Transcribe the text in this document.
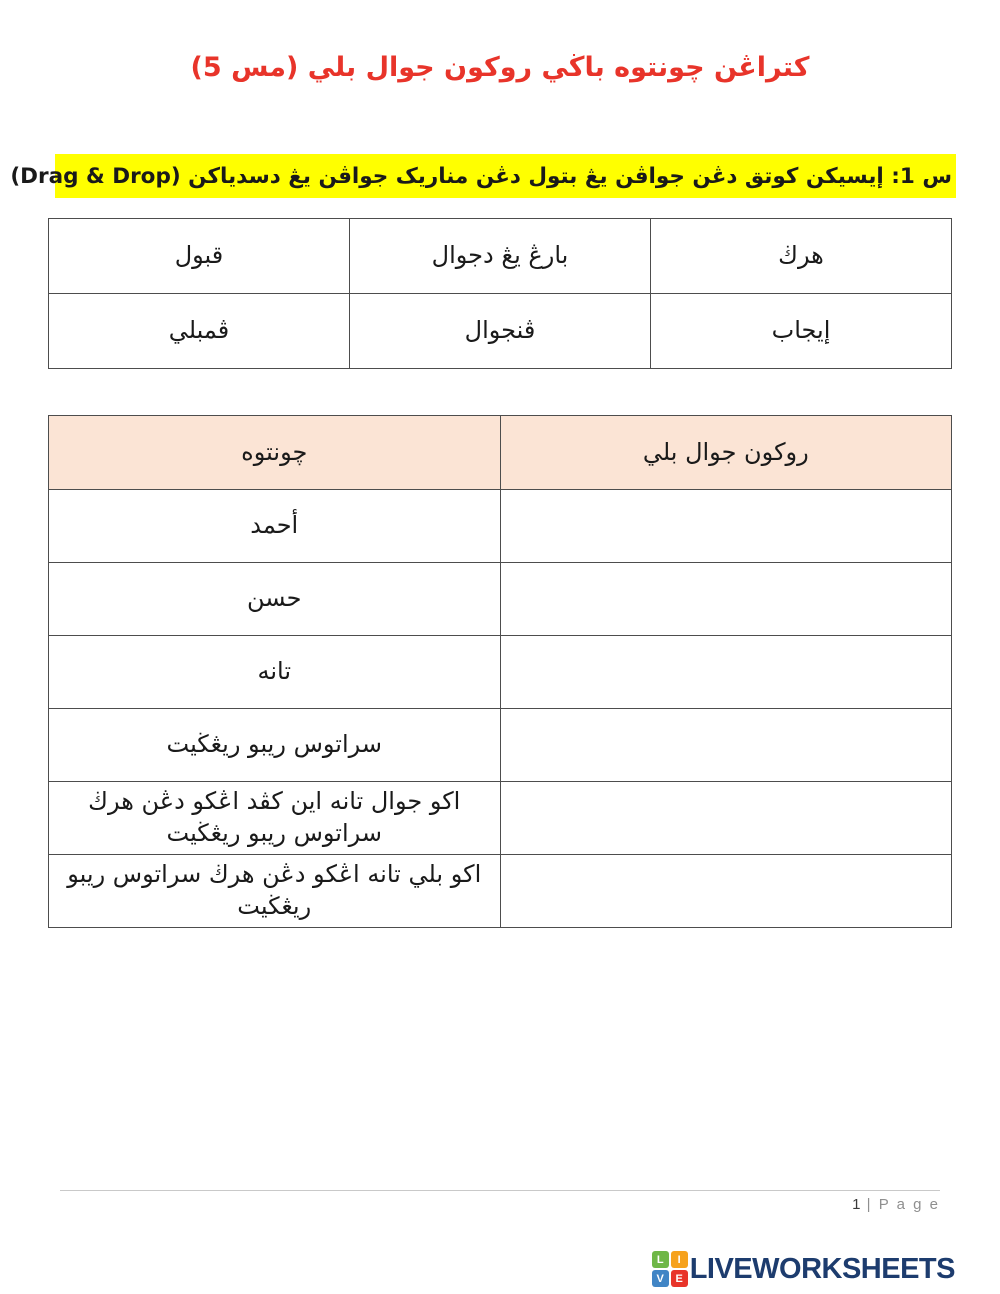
كتراڠن چونتوه باڬي روكون جوال بلي (مس 5)
س 1: إيسيكن كوتق دڠن جواڤن يڠ بتول دڠن مناريک جواڤن يڠ دسدياكن (Drag & Drop)
هرڬ	بارڠ يڠ دجوال	قبول
إيجاب	ڤنجوال	ڤمبلي
روكون جوال بلي	چونتوه
	أحمد
	حسن
	تانه
	سراتوس ريبو ريڠڬيت
	اكو جوال تانه اين كڤد اڠكو دڠن هرڬ سراتوس ريبو ريڠڬيت
	اكو بلي تانه اڠكو دڠن هرڬ سراتوس ريبو ريڠڬيت
1 | P a g e
L	I
V	E LIVEWORKSHEETS
